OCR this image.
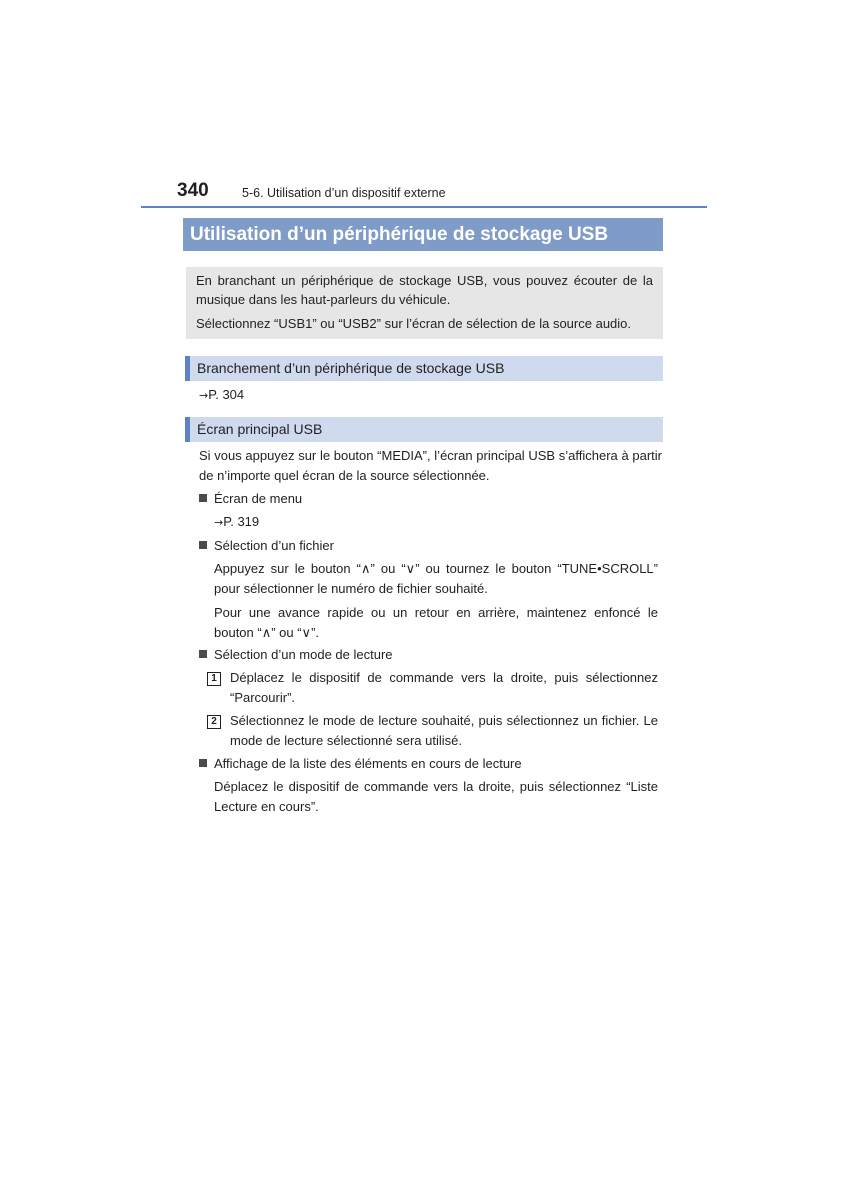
340	5-6. Utilisation d’un dispositif externe
Utilisation d’un périphérique de stockage USB

En branchant un périphérique de stockage USB, vous pouvez écouter de la musique dans les haut-parleurs du véhicule.

Sélectionnez “USB1” ou “USB2” sur l’écran de sélection de la source audio.

Branchement d’un périphérique de stockage USB
→P. 304
Écran principal USB
Si vous appuyez sur le bouton “MEDIA”, l’écran principal USB s’affichera à partir de n’importe quel écran de la source sélectionnée.
Écran de menu
→P. 319
Sélection d’un fichier
Appuyez sur le bouton “∧” ou “∨” ou tournez le bouton “TUNE•SCROLL” pour sélectionner le numéro de fichier souhaité.
Pour une avance rapide ou un retour en arrière, maintenez enfoncé le bouton “∧” ou “∨”.
Sélection d’un mode de lecture
1	Déplacez le dispositif de commande vers la droite, puis sélectionnez “Parcourir”.
2	Sélectionnez le mode de lecture souhaité, puis sélectionnez un fichier. Le mode de lecture sélectionné sera utilisé.
Affichage de la liste des éléments en cours de lecture
Déplacez le dispositif de commande vers la droite, puis sélectionnez “Liste Lecture en cours”.
